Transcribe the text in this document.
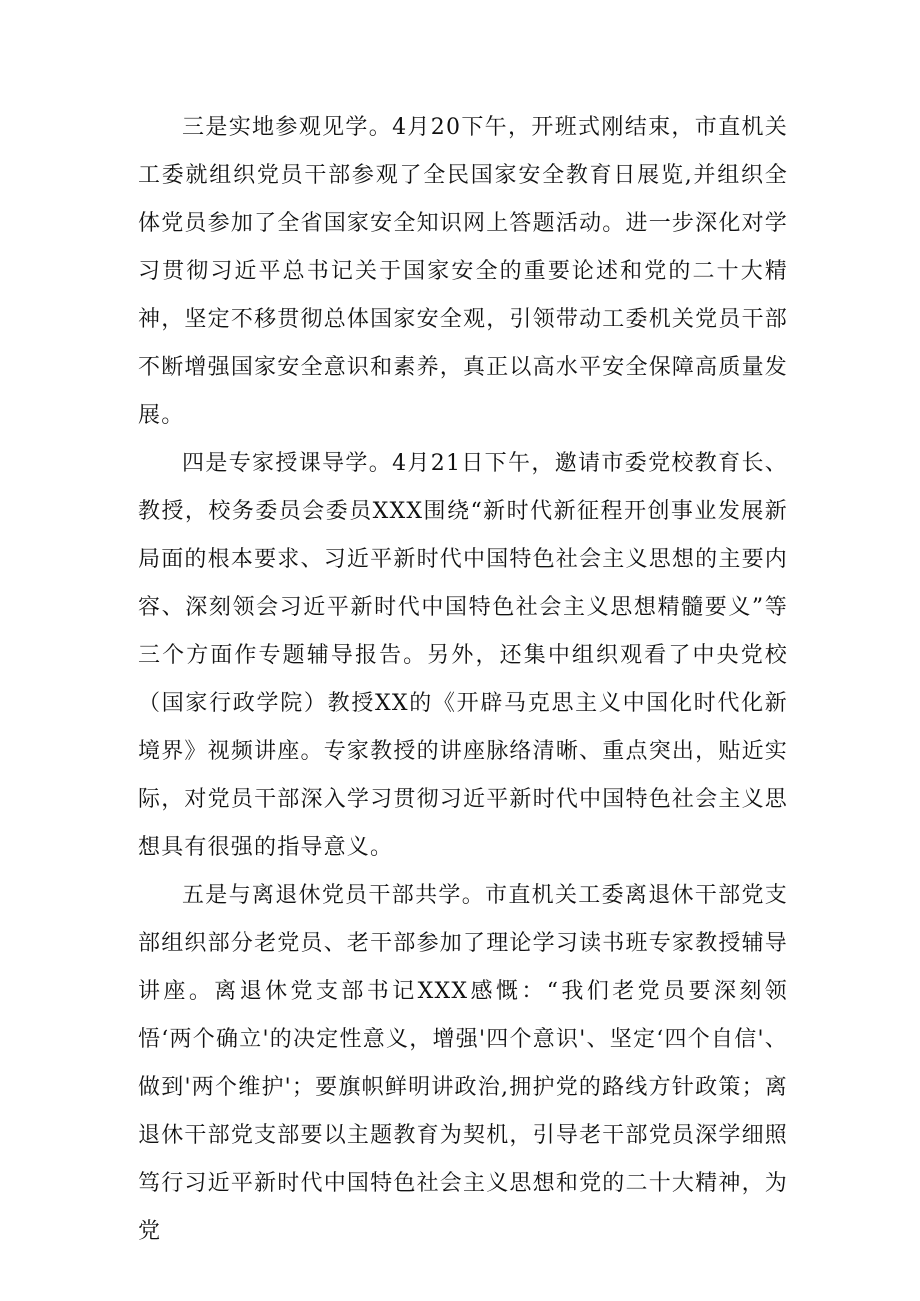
三是实地参观见学。4月20下午，开班式刚结束，市直机关工委就组织党员干部参观了全民国家安全教育日展览,并组织全体党员参加了全省国家安全知识网上答题活动。进一步深化对学习贯彻习近平总书记关于国家安全的重要论述和党的二十大精神，坚定不移贯彻总体国家安全观，引领带动工委机关党员干部不断增强国家安全意识和素养，真正以高水平安全保障高质量发展。

四是专家授课导学。4月21日下午，邀请市委党校教育长、教授，校务委员会委员XXX围绕“新时代新征程开创事业发展新局面的根本要求、习近平新时代中国特色社会主义思想的主要内容、深刻领会习近平新时代中国特色社会主义思想精髓要义”等三个方面作专题辅导报告。另外，还集中组织观看了中央党校（国家行政学院）教授XX的《开辟马克思主义中国化时代化新境界》视频讲座。专家教授的讲座脉络清晰、重点突出，贴近实际，对党员干部深入学习贯彻习近平新时代中国特色社会主义思想具有很强的指导意义。

五是与离退休党员干部共学。市直机关工委离退休干部党支部组织部分老党员、老干部参加了理论学习读书班专家教授辅导讲座。离退休党支部书记XXX感慨：“我们老党员要深刻领悟‘两个确立'的决定性意义，增强'四个意识'、坚定‘四个自信'、做到'两个维护'；要旗帜鲜明讲政治,拥护党的路线方针政策；离退休干部党支部要以主题教育为契机，引导老干部党员深学细照笃行习近平新时代中国特色社会主义思想和党的二十大精神，为党
